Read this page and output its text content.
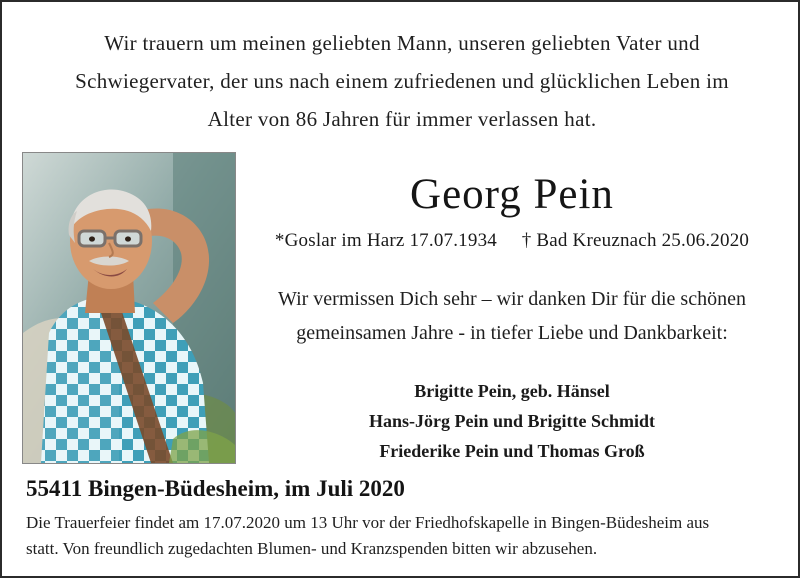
Wir trauern um meinen geliebten Mann, unseren geliebten Vater und
Schwiegervater, der uns nach einem zufriedenen und glücklichen Leben im
Alter von 86 Jahren für immer verlassen hat.
Georg Pein
*Goslar im Harz 17.07.1934 † Bad Kreuznach 25.06.2020
Wir vermissen Dich sehr – wir danken Dir für die schönen
gemeinsamen Jahre - in tiefer Liebe und Dankbarkeit:
Brigitte Pein, geb. Hänsel
Hans-Jörg Pein und Brigitte Schmidt
Friederike Pein und Thomas Groß
55411 Bingen-Büdesheim, im Juli 2020
Die Trauerfeier findet am 17.07.2020 um 13 Uhr vor der Friedhofskapelle in Bingen-Büdesheim aus
statt. Von freundlich zugedachten Blumen- und Kranzspenden bitten wir abzusehen.
